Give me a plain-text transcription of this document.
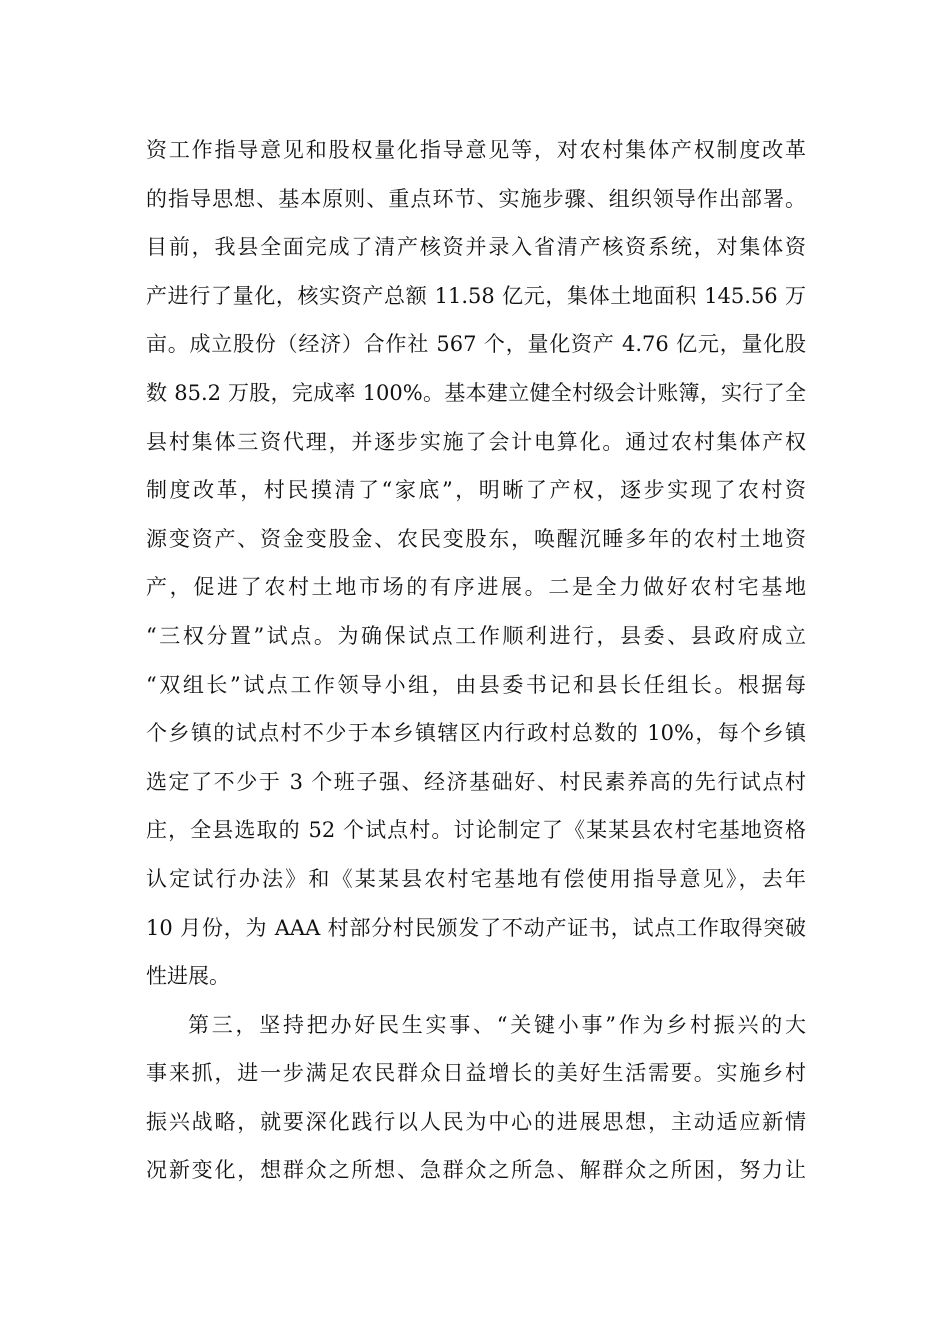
资工作指导意见和股权量化指导意见等，对农村集体产权制度改革
的指导思想、基本原则、重点环节、实施步骤、组织领导作出部署。
目前，我县全面完成了清产核资并录入省清产核资系统，对集体资
产进行了量化，核实资产总额 11.58 亿元，集体土地面积 145.56 万
亩。成立股份（经济）合作社 567 个，量化资产 4.76 亿元，量化股
数 85.2 万股，完成率 100%。基本建立健全村级会计账簿，实行了全
县村集体三资代理，并逐步实施了会计电算化。通过农村集体产权
制度改革，村民摸清了“家底”，明晰了产权，逐步实现了农村资
源变资产、资金变股金、农民变股东，唤醒沉睡多年的农村土地资
产，促进了农村土地市场的有序进展。二是全力做好农村宅基地
“三权分置”试点。为确保试点工作顺利进行，县委、县政府成立
“双组长”试点工作领导小组，由县委书记和县长任组长。根据每
个乡镇的试点村不少于本乡镇辖区内行政村总数的 10%，每个乡镇
选定了不少于 3 个班子强、经济基础好、村民素养高的先行试点村
庄，全县选取的 52 个试点村。讨论制定了《某某县农村宅基地资格
认定试行办法》和《某某县农村宅基地有偿使用指导意见》，去年
10 月份，为 AAA 村部分村民颁发了不动产证书，试点工作取得突破
性进展。
第三，坚持把办好民生实事、“关键小事”作为乡村振兴的大
事来抓，进一步满足农民群众日益增长的美好生活需要。实施乡村
振兴战略，就要深化践行以人民为中心的进展思想，主动适应新情
况新变化，想群众之所想、急群众之所急、解群众之所困，努力让
